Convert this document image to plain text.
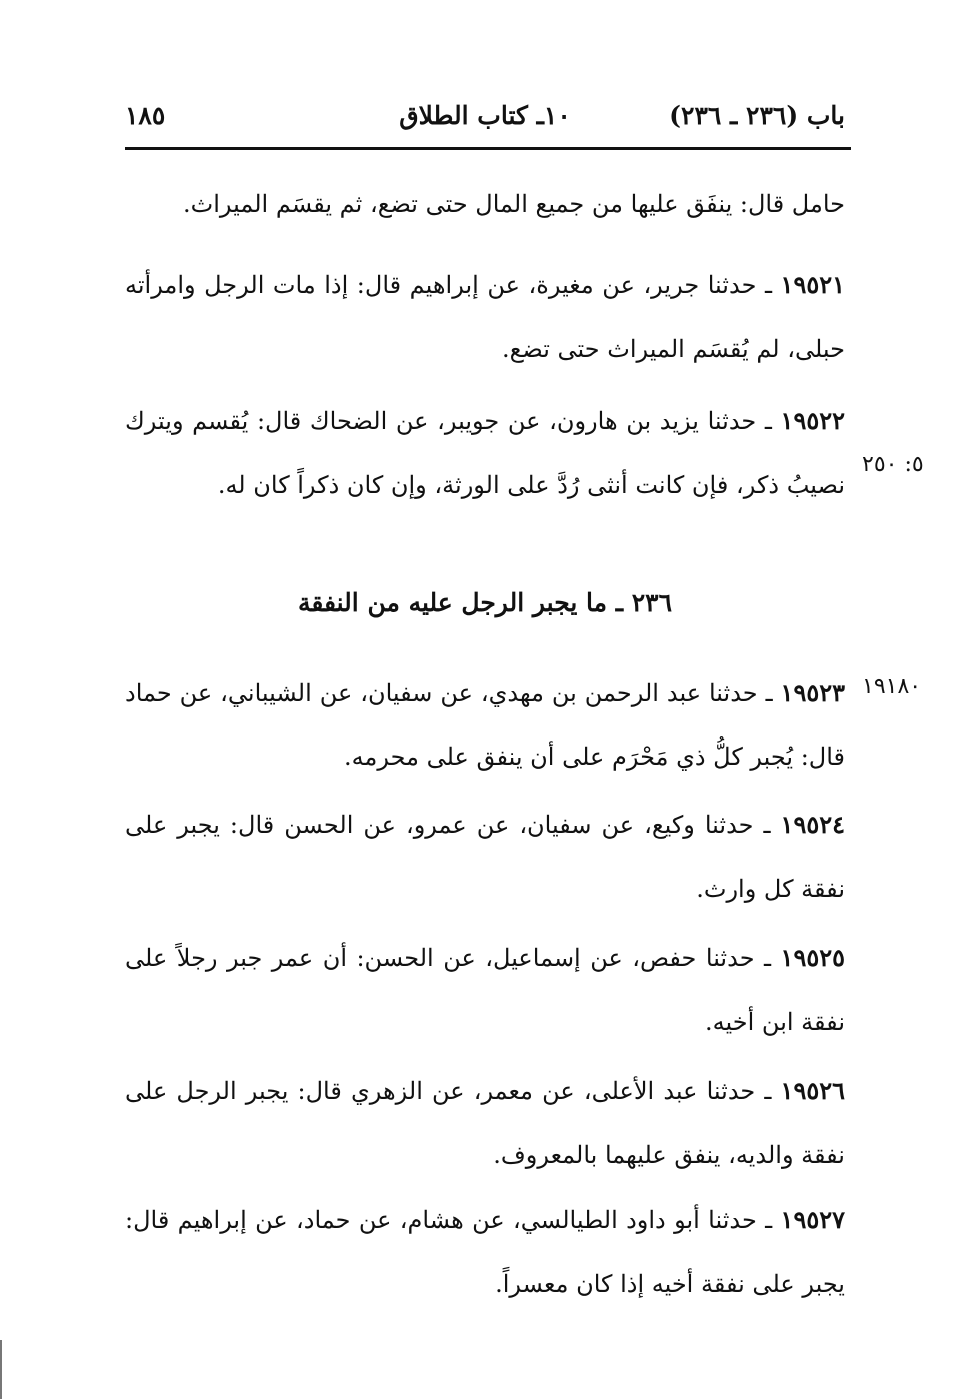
باب (٢٣٦ ـ ٢٣٦)
١٠ـ كتاب الطلاق
١٨٥
حامل قال: ينفَق عليها من جميع المال حتى تضع، ثم يقسَم الميراث.
١٩٥٢١ ـ حدثنا جرير، عن مغيرة، عن إبراهيم قال: إذا مات الرجل وامرأته حبلى، لم يُقسَم الميراث حتى تضع.
١٩٥٢٢ ـ حدثنا يزيد بن هارون، عن جويبر، عن الضحاك قال: يُقسم ويترك نصيبُ ذكر، فإن كانت أنثى رُدَّ على الورثة، وإن كان ذكراً كان له.
٥: ٢٥٠
٢٣٦ ـ ما يجبر الرجل عليه من النفقة
١٩١٨٠
١٩٥٢٣ ـ حدثنا عبد الرحمن بن مهدي، عن سفيان، عن الشيباني، عن حماد قال: يُجبر كلُّ ذي مَحْرَم على أن ينفق على محرمه.
١٩٥٢٤ ـ حدثنا وكيع، عن سفيان، عن عمرو، عن الحسن قال: يجبر على نفقة كل وارث.
١٩٥٢٥ ـ حدثنا حفص، عن إسماعيل، عن الحسن: أن عمر جبر رجلاً على نفقة ابن أخيه.
١٩٥٢٦ ـ حدثنا عبد الأعلى، عن معمر، عن الزهري قال: يجبر الرجل على نفقة والديه، ينفق عليهما بالمعروف.
١٩٥٢٧ ـ حدثنا أبو داود الطيالسي، عن هشام، عن حماد، عن إبراهيم قال: يجبر على نفقة أخيه إذا كان معسراً.
